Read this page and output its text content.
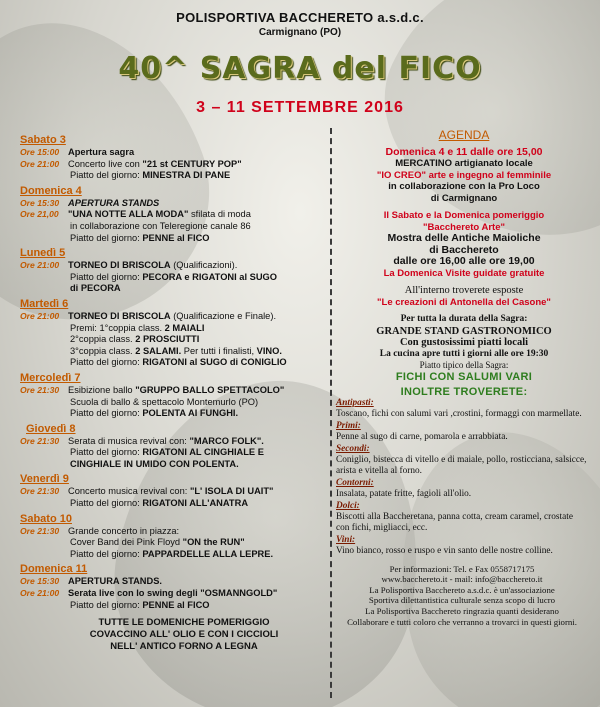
POLISPORTIVA BACCHERETO a.s.d.c.
Carmignano (PO)
40^ SAGRA del FICO
3 – 11 SETTEMBRE 2016
Sabato 3
Ore 15:00 Apertura sagra
Ore 21:00 Concerto live con "21 st CENTURY POP"
Piatto del giorno: MINESTRA DI PANE
Domenica 4
Ore 15:30 APERTURA STANDS
Ore 21,00 "UNA NOTTE ALLA MODA" sfilata di moda
in collaborazione con Teleregione canale 86
Piatto del giorno: PENNE al FICO
Lunedì 5
Ore 21:00 TORNEO DI BRISCOLA (Qualificazioni).
Piatto del giorno: PECORA e RIGATONI al SUGO
di PECORA
Martedì 6
Ore 21:00 TORNEO DI BRISCOLA (Qualificazione e Finale).
Premi: 1°coppia class. 2 MAIALI
2°coppia class. 2 PROSCIUTTI
3°coppia class. 2 SALAMI. Per tutti i finalisti, VINO.
Piatto del giorno: RIGATONI al SUGO di CONIGLIO
Mercoledì 7
Ore 21:30 Esibizione ballo "GRUPPO BALLO SPETTACOLO"
Scuola di ballo & spettacolo Montemurlo (PO)
Piatto del giorno: POLENTA AI FUNGHI.
Giovedì 8
Ore 21:30 Serata di musica revival con: "MARCO FOLK".
Piatto del giorno: RIGATONI AL CINGHIALE E
CINGHIALE IN UMIDO CON POLENTA.
Venerdì 9
Ore 21:30 Concerto musica revival con: "L' ISOLA DI UAIT"
Piatto del giorno: RIGATONI ALL'ANATRA
Sabato 10
Ore 21:30 Grande concerto in piazza:
Cover Band dei Pink Floyd "ON the RUN"
Piatto del giorno: PAPPARDELLE ALLA LEPRE.
Domenica 11
Ore 15:30 APERTURA STANDS.
Ore 21:00 Serata live con lo swing degli "OSMANNGOLD"
Piatto del giorno: PENNE al FICO
TUTTE LE DOMENICHE POMERIGGIO
COVACCINO ALL' OLIO E CON I CICCIOLI
NELL' ANTICO FORNO A LEGNA
AGENDA
Domenica 4 e 11 dalle ore 15,00
MERCATINO artigianato locale
"IO CREO" arte e ingegno al femminile
in collaborazione con la Pro Loco
di Carmignano
Il Sabato e la Domenica pomeriggio
"Bacchereto Arte"
Mostra delle Antiche Maioliche
di Bacchereto
dalle ore 16,00 alle ore 19,00
La Domenica Visite guidate gratuite
All'interno troverete esposte
"Le creazioni di Antonella del Casone"
Per tutta la durata della Sagra:
GRANDE STAND GASTRONOMICO
Con gustosissimi piatti locali
La cucina apre tutti i giorni alle ore 19:30
Piatto tipico della Sagra:
FICHI CON SALUMI VARI
INOLTRE TROVERETE:
Antipasti:
Toscano, fichi con salumi vari ,crostini, formaggi con marmellate.
Primi:
Penne al sugo di carne, pomarola e arrabbiata.
Secondi:
Coniglio, bistecca di vitello e di maiale, pollo, rosticciana, salsicce, arista e vitella al forno.
Contorni:
Insalata, patate fritte, fagioli all'olio.
Dolci:
Biscotti alla Baccheretana, panna cotta, cream caramel, crostate con fichi, migliacci, ecc.
Vini:
Vino bianco, rosso e ruspo e vin santo delle nostre colline.
Per informazioni: Tel. e Fax 0558717175
www.bacchereto.it - mail: info@bacchereto.it
La Polisportiva Bacchereto a.s.d.c. è un'associazione
Sportiva dilettantistica culturale senza scopo di lucro
La Polisportiva Bacchereto ringrazia quanti desiderano
Collaborare e tutti coloro che verranno a trovarci in questi giorni.
